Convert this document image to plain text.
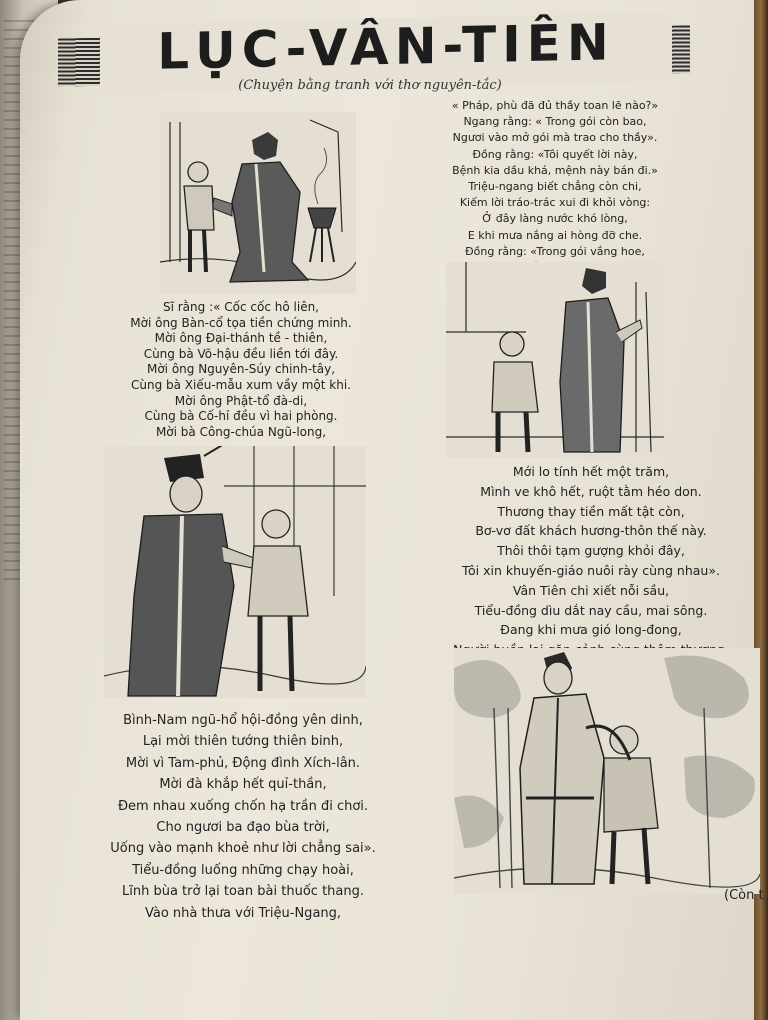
LỤC-VÂN-TIÊN
(Chuyện bằng tranh với thơ nguyên-tắc)
« Pháp, phù đã đủ thầy toan lẽ nào?»
Ngang rằng: « Trong gói còn bao,
Ngươi vào mở gói mà trao cho thầy».
Đồng rằng: «Tôi quyết lời này,
Bệnh kia dầu khá, mệnh này bán đi.»
Triệu-ngang biết chẳng còn chi,
Kiếm lời tráo-trác xui đi khỏi vòng:
Ở đây làng nước khó lòng,
E khi mưa nắng ai hòng đỡ che.
Đồng rằng: «Trong gói vắng hoe,
Sĩ rằng :« Cốc cốc hô liên,
Mời ông Bàn-cổ tọa tiền chứng minh.
Mời ông Đại-thánh tề - thiên,
Cùng bà Võ-hậu đều liền tới đây.
Mời ông Nguyên-Súy chinh-tây,
Cùng bà Xiếu-mẫu xum vầy một khi.
Mời ông Phật-tổ đà-di,
Cùng bà Cố-hỉ đều vì hai phòng.
Mời bà Công-chúa Ngũ-long,
Mới lo tính hết một trăm,
Mình ve khô hết, ruột tằm héo don.
Thương thay tiền mất tật còn,
Bơ-vơ đất khách hương-thôn thế này.
Thôi thôi tạm gượng khỏi đây,
Tôi xin khuyến-giáo nuôi rày cùng nhau».
Vân Tiên chi xiết nỗi sầu,
Tiểu-đồng dìu dắt nay cầu, mai sông.
Đang khi mưa gió long-đong,
Bình-Nam ngũ-hổ hội-đồng yên dinh,
Lại mời thiên tướng thiên binh,
Mời vì Tam-phủ, Động đình Xích-lân.
Mời đà khắp hết quỉ-thần,
Đem nhau xuống chốn hạ trần đi chơi.
Cho ngươi ba đạo bùa trời,
Uống vào mạnh khoẻ như lời chẳng sai».
Tiểu-đồng luống những chạy hoài,
Lĩnh bùa trở lại toan bài thuốc thang.
Vào nhà thưa với Triệu-Ngang,
(Còn t
